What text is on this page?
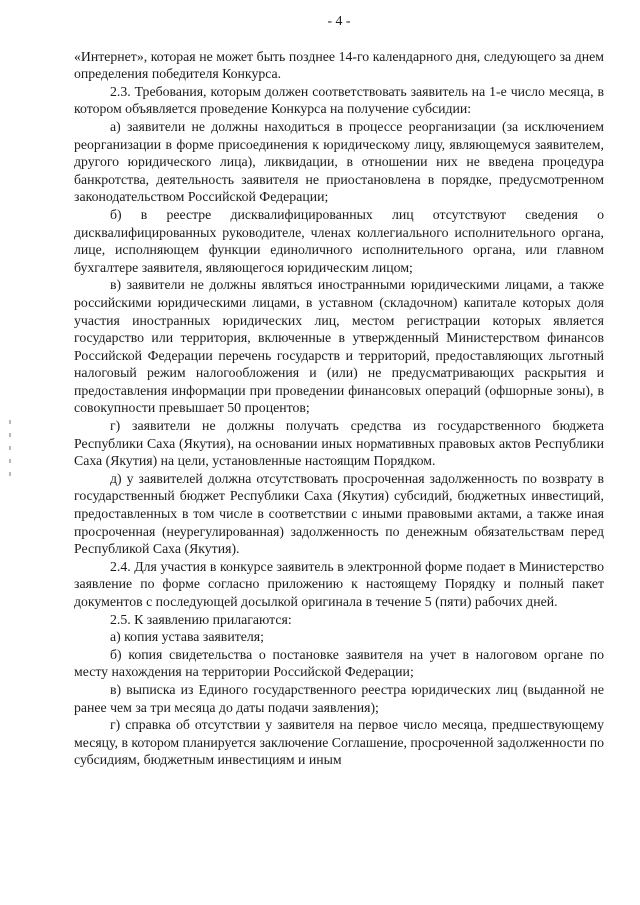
- 4 -

«Интернет», которая не может быть позднее 14-го календарного дня, следующего за днем определения победителя Конкурса.

2.3. Требования, которым должен соответствовать заявитель на 1-е число месяца, в котором объявляется проведение Конкурса на получение субсидии:

а) заявители не должны находиться в процессе реорганизации (за исключением реорганизации в форме присоединения к юридическому лицу, являющемуся заявителем, другого юридического лица), ликвидации, в отношении них не введена процедура банкротства, деятельность заявителя не приостановлена в порядке, предусмотренном законодательством Российской Федерации;

б) в реестре дисквалифицированных лиц отсутствуют сведения о дисквалифицированных руководителе, членах коллегиального исполнительного органа, лице, исполняющем функции единоличного исполнительного органа, или главном бухгалтере заявителя, являющегося юридическим лицом;

в) заявители не должны являться иностранными юридическими лицами, а также российскими юридическими лицами, в уставном (складочном) капитале которых доля участия иностранных юридических лиц, местом регистрации которых является государство или территория, включенные в утвержденный Министерством финансов Российской Федерации перечень государств и территорий, предоставляющих льготный налоговый режим налогообложения и (или) не предусматривающих раскрытия и предоставления информации при проведении финансовых операций (офшорные зоны), в совокупности превышает 50 процентов;

г) заявители не должны получать средства из государственного бюджета Республики Саха (Якутия), на основании иных нормативных правовых актов Республики Саха (Якутия) на цели, установленные настоящим Порядком.

д) у заявителей должна отсутствовать просроченная задолженность по возврату в государственный бюджет Республики Саха (Якутия) субсидий, бюджетных инвестиций, предоставленных в том числе в соответствии с иными правовыми актами, а также иная просроченная (неурегулированная) задолженность по денежным обязательствам перед Республикой Саха (Якутия).

2.4. Для участия в конкурсе заявитель в электронной форме подает в Министерство заявление по форме согласно приложению к настоящему Порядку и полный пакет документов с последующей досылкой оригинала в течение 5 (пяти) рабочих дней.

2.5. К заявлению прилагаются:

а) копия устава заявителя;

б) копия свидетельства о постановке заявителя на учет в налоговом органе по месту нахождения на территории Российской Федерации;

в) выписка из Единого государственного реестра юридических лиц (выданной не ранее чем за три месяца до даты подачи заявления);

г) справка об отсутствии у заявителя на первое число месяца, предшествующему месяцу, в котором планируется заключение Соглашение, просроченной задолженности по субсидиям, бюджетным инвестициям и иным
